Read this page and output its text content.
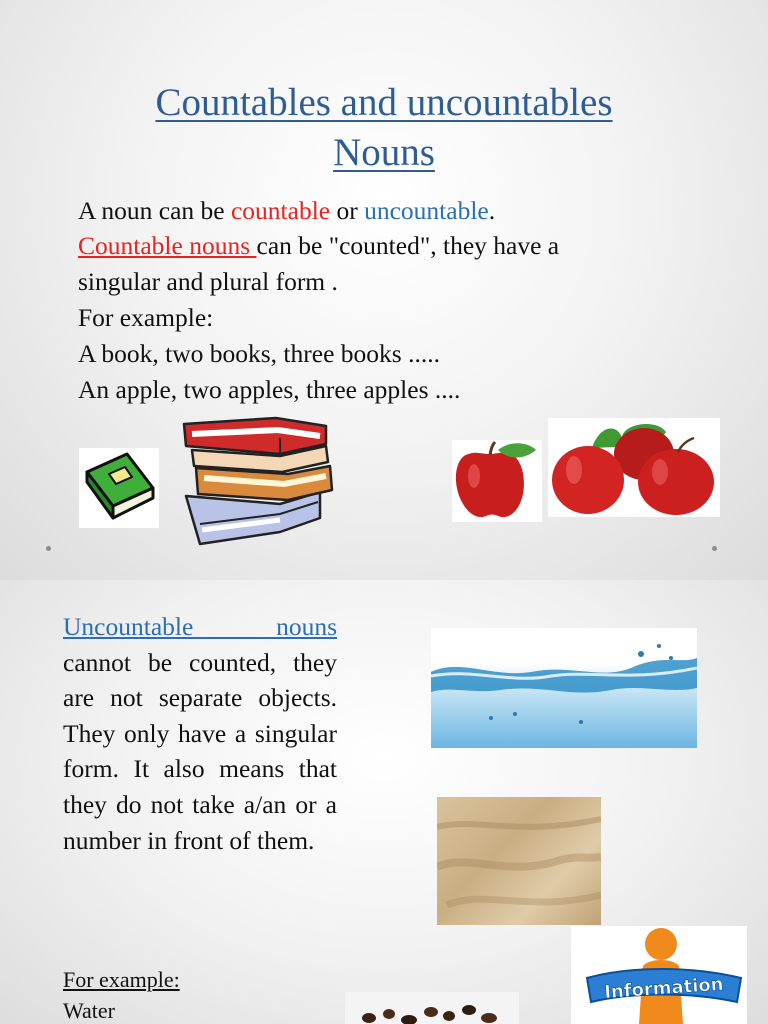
Countables and uncountables
Nouns
A noun can be countable or uncountable.
Countable nouns can be "counted", they have a
singular and plural form .
For example:
A book, two books, three books .....
An apple, two apples, three apples ....
Uncountable nouns
cannot be counted, they are not separate objects. They only have a singular form. It also means that they do not take a/an or a number in front of them.
For example:
Water
Information
